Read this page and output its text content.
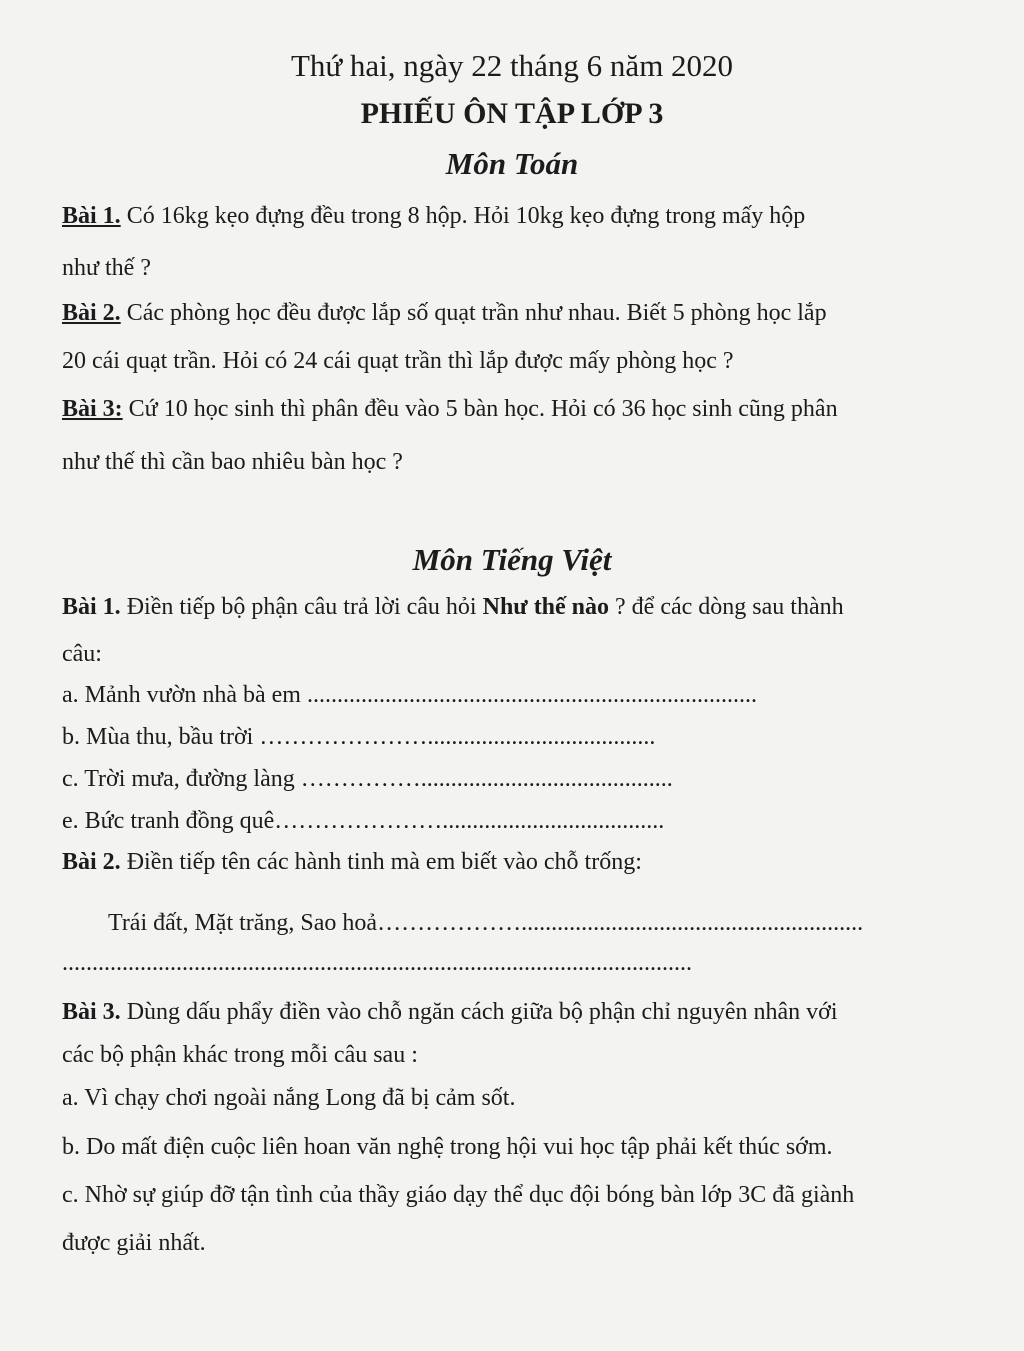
Thứ hai, ngày 22 tháng 6 năm 2020
PHIẾU ÔN TẬP LỚP 3
Môn Toán
Bài 1. Có 16kg kẹo đựng đều trong 8 hộp. Hỏi 10kg kẹo đựng trong mấy hộp
như thế ?
Bài 2. Các phòng học đều được lắp số quạt trần như nhau. Biết 5 phòng học lắp
20 cái quạt trần. Hỏi có 24 cái quạt trần thì lắp được mấy phòng học ?
Bài 3: Cứ 10 học sinh thì phân đều vào 5 bàn học. Hỏi có 36 học sinh cũng phân
như thế thì cần bao nhiêu bàn học ?
Môn Tiếng Việt
Bài 1. Điền tiếp bộ phận câu trả lời câu hỏi Như thế nào ? để các dòng sau thành
câu:
a. Mảnh vườn nhà bà em ...........................................................................
b. Mùa thu, bầu trời …………………......................................
c. Trời mưa, đường làng ……………..........................................
e. Bức tranh đồng quê………………….....................................
Bài 2. Điền tiếp tên các hành tinh mà em biết vào chỗ trống:
Trái đất, Mặt trăng, Sao hoả……………….........................................................
.........................................................................................................
Bài 3. Dùng dấu phẩy điền vào chỗ ngăn cách giữa bộ phận chỉ nguyên nhân với
các bộ phận khác trong mỗi câu sau :
a. Vì chạy chơi ngoài nắng Long đã bị cảm sốt.
b. Do mất điện cuộc liên hoan văn nghệ trong hội vui học tập phải kết thúc sớm.
c. Nhờ sự giúp đỡ tận tình của thầy giáo dạy thể dục đội bóng bàn lớp 3C đã giành
được giải nhất.
